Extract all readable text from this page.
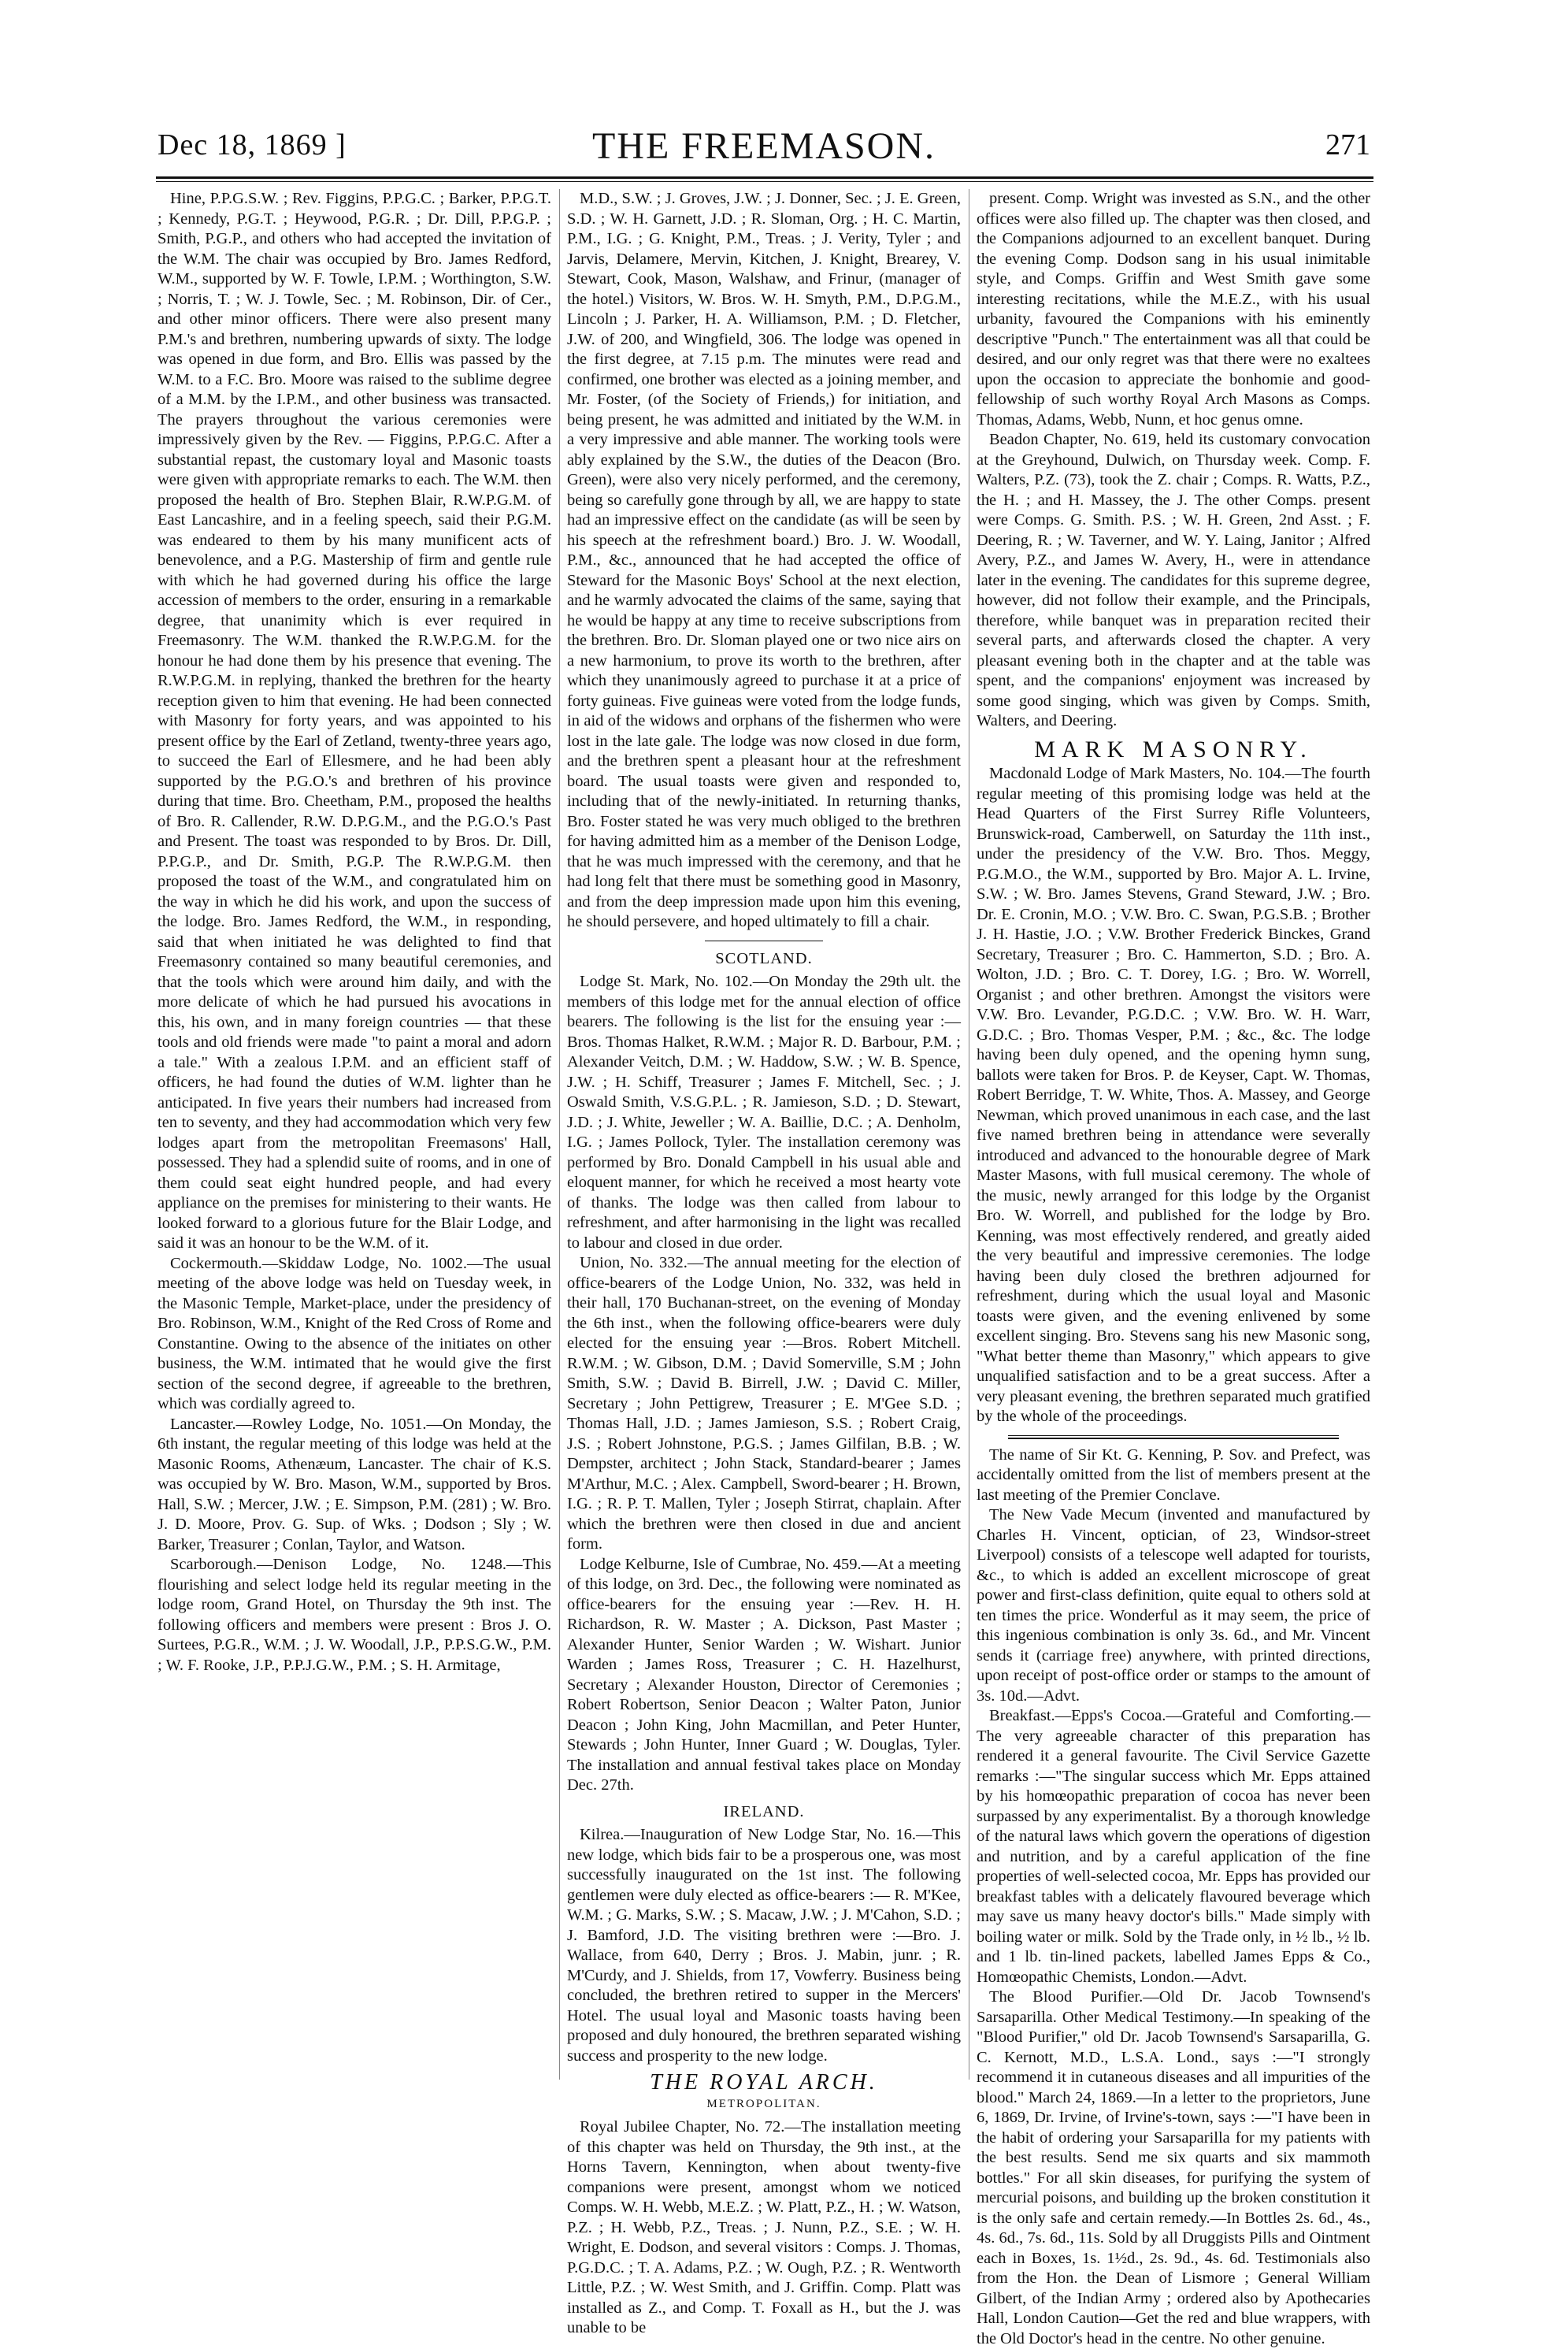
Dec 18, 1869 ]	THE FREEMASON.	271

Hine, P.P.G.S.W. ; Rev. Figgins, P.P.G.C. ; Barker, P.P.G.T. ; Kennedy, P.G.T. ; Heywood, P.G.R. ; Dr. Dill, P.P.G.P. ; Smith, P.G.P., and others who had accepted the invitation of the W.M. The chair was occupied by Bro. James Redford, W.M., supported by W. F. Towle, I.P.M. ; Worthington, S.W. ; Norris, T. ; W. J. Towle, Sec. ; M. Robinson, Dir. of Cer., and other minor officers. There were also present many P.M.'s and brethren, numbering upwards of sixty. The lodge was opened in due form, and Bro. Ellis was passed by the W.M. to a F.C. Bro. Moore was raised to the sublime degree of a M.M. by the I.P.M., and other business was transacted. The prayers throughout the various ceremonies were impressively given by the Rev. — Figgins, P.P.G.C. After a substantial repast, the customary loyal and Masonic toasts were given with appropriate remarks to each. The W.M. then proposed the health of Bro. Stephen Blair, R.W.P.G.M. of East Lancashire, and in a feeling speech, said their P.G.M. was endeared to them by his many munificent acts of benevolence, and a P.G. Mastership of firm and gentle rule with which he had governed during his office the large accession of members to the order, ensuring in a remarkable degree, that unanimity which is ever required in Freemasonry. The W.M. thanked the R.W.P.G.M. for the honour he had done them by his presence that evening. The R.W.P.G.M. in replying, thanked the brethren for the hearty reception given to him that evening. He had been connected with Masonry for forty years, and was appointed to his present office by the Earl of Zetland, twenty-three years ago, to succeed the Earl of Ellesmere, and he had been ably supported by the P.G.O.'s and brethren of his province during that time. Bro. Cheetham, P.M., proposed the healths of Bro. R. Callender, R.W. D.P.G.M., and the P.G.O.'s Past and Present. The toast was responded to by Bros. Dr. Dill, P.P.G.P., and Dr. Smith, P.G.P. The R.W.P.G.M. then proposed the toast of the W.M., and congratulated him on the way in which he did his work, and upon the success of the lodge. Bro. James Redford, the W.M., in responding, said that when initiated he was delighted to find that Freemasonry contained so many beautiful ceremonies, and that the tools which were around him daily, and with the more delicate of which he had pursued his avocations in this, his own, and in many foreign countries — that these tools and old friends were made "to paint a moral and adorn a tale." With a zealous I.P.M. and an efficient staff of officers, he had found the duties of W.M. lighter than he anticipated. In five years their numbers had increased from ten to seventy, and they had accommodation which very few lodges apart from the metropolitan Freemasons' Hall, possessed. They had a splendid suite of rooms, and in one of them could seat eight hundred people, and had every appliance on the premises for ministering to their wants. He looked forward to a glorious future for the Blair Lodge, and said it was an honour to be the W.M. of it.

Cockermouth.—Skiddaw Lodge, No. 1002.—The usual meeting of the above lodge was held on Tuesday week, in the Masonic Temple, Market-place, under the presidency of Bro. Robinson, W.M., Knight of the Red Cross of Rome and Constantine. Owing to the absence of the initiates on other business, the W.M. intimated that he would give the first section of the second degree, if agreeable to the brethren, which was cordially agreed to.

Lancaster.—Rowley Lodge, No. 1051.—On Monday, the 6th instant, the regular meeting of this lodge was held at the Masonic Rooms, Athenæum, Lancaster. The chair of K.S. was occupied by W. Bro. Mason, W.M., supported by Bros. Hall, S.W. ; Mercer, J.W. ; E. Simpson, P.M. (281) ; W. Bro. J. D. Moore, Prov. G. Sup. of Wks. ; Dodson ; Sly ; W. Barker, Treasurer ; Conlan, Taylor, and Watson.

Scarborough.—Denison Lodge, No. 1248.—This flourishing and select lodge held its regular meeting in the lodge room, Grand Hotel, on Thursday the 9th inst. The following officers and members were present : Bros J. O. Surtees, P.G.R., W.M. ; J. W. Woodall, J.P., P.P.S.G.W., P.M. ; W. F. Rooke, J.P., P.P.J.G.W., P.M. ; S. H. Armitage,

M.D., S.W. ; J. Groves, J.W. ; J. Donner, Sec. ; J. E. Green, S.D. ; W. H. Garnett, J.D. ; R. Sloman, Org. ; H. C. Martin, P.M., I.G. ; G. Knight, P.M., Treas. ; J. Verity, Tyler ; and Jarvis, Delamere, Mervin, Kitchen, J. Knight, Brearey, V. Stewart, Cook, Mason, Walshaw, and Frinur, (manager of the hotel.) Visitors, W. Bros. W. H. Smyth, P.M., D.P.G.M., Lincoln ; J. Parker, H. A. Williamson, P.M. ; D. Fletcher, J.W. of 200, and Wingfield, 306. The lodge was opened in the first degree, at 7.15 p.m. The minutes were read and confirmed, one brother was elected as a joining member, and Mr. Foster, (of the Society of Friends,) for initiation, and being present, he was admitted and initiated by the W.M. in a very impressive and able manner. The working tools were ably explained by the S.W., the duties of the Deacon (Bro. Green), were also very nicely performed, and the ceremony, being so carefully gone through by all, we are happy to state had an impressive effect on the candidate (as will be seen by his speech at the refreshment board.) Bro. J. W. Woodall, P.M., &c., announced that he had accepted the office of Steward for the Masonic Boys' School at the next election, and he warmly advocated the claims of the same, saying that he would be happy at any time to receive subscriptions from the brethren. Bro. Dr. Sloman played one or two nice airs on a new harmonium, to prove its worth to the brethren, after which they unanimously agreed to purchase it at a price of forty guineas. Five guineas were voted from the lodge funds, in aid of the widows and orphans of the fishermen who were lost in the late gale. The lodge was now closed in due form, and the brethren spent a pleasant hour at the refreshment board. The usual toasts were given and responded to, including that of the newly-initiated. In returning thanks, Bro. Foster stated he was very much obliged to the brethren for having admitted him as a member of the Denison Lodge, that he was much impressed with the ceremony, and that he had long felt that there must be something good in Masonry, and from the deep impression made upon him this evening, he should persevere, and hoped ultimately to fill a chair.

SCOTLAND.

Lodge St. Mark, No. 102.—On Monday the 29th ult. the members of this lodge met for the annual election of office bearers. The following is the list for the ensuing year :—Bros. Thomas Halket, R.W.M. ; Major R. D. Barbour, P.M. ; Alexander Veitch, D.M. ; W. Haddow, S.W. ; W. B. Spence, J.W. ; H. Schiff, Treasurer ; James F. Mitchell, Sec. ; J. Oswald Smith, V.S.G.P.L. ; R. Jamieson, S.D. ; D. Stewart, J.D. ; J. White, Jeweller ; W. A. Baillie, D.C. ; A. Denholm, I.G. ; James Pollock, Tyler. The installation ceremony was performed by Bro. Donald Campbell in his usual able and eloquent manner, for which he received a most hearty vote of thanks. The lodge was then called from labour to refreshment, and after harmonising in the light was recalled to labour and closed in due order.

Union, No. 332.—The annual meeting for the election of office-bearers of the Lodge Union, No. 332, was held in their hall, 170 Buchanan-street, on the evening of Monday the 6th inst., when the following office-bearers were duly elected for the ensuing year :—Bros. Robert Mitchell. R.W.M. ; W. Gibson, D.M. ; David Somerville, S.M ; John Smith, S.W. ; David B. Birrell, J.W. ; David C. Miller, Secretary ; John Pettigrew, Treasurer ; E. M'Gee S.D. ; Thomas Hall, J.D. ; James Jamieson, S.S. ; Robert Craig, J.S. ; Robert Johnstone, P.G.S. ; James Gilfilan, B.B. ; W. Dempster, architect ; John Stack, Standard-bearer ; James M'Arthur, M.C. ; Alex. Campbell, Sword-bearer ; H. Brown, I.G. ; R. P. T. Mallen, Tyler ; Joseph Stirrat, chaplain. After which the brethren were then closed in due and ancient form.

Lodge Kelburne, Isle of Cumbrae, No. 459.—At a meeting of this lodge, on 3rd. Dec., the following were nominated as office-bearers for the ensuing year :—Rev. H. H. Richardson, R. W. Master ; A. Dickson, Past Master ; Alexander Hunter, Senior Warden ; W. Wishart. Junior Warden ; James Ross, Treasurer ; C. H. Hazelhurst, Secretary ; Alexander Houston, Director of Ceremonies ; Robert Robertson, Senior Deacon ; Walter Paton, Junior Deacon ; John King, John Macmillan, and Peter Hunter, Stewards ; John Hunter, Inner Guard ; W. Douglas, Tyler. The installation and annual festival takes place on Monday Dec. 27th.

IRELAND.

Kilrea.—Inauguration of New Lodge Star, No. 16.—This new lodge, which bids fair to be a prosperous one, was most successfully inaugurated on the 1st inst. The following gentlemen were duly elected as office-bearers :— R. M'Kee, W.M. ; G. Marks, S.W. ; S. Macaw, J.W. ; J. M'Cahon, S.D. ; J. Bamford, J.D. The visiting brethren were :—Bro. J. Wallace, from 640, Derry ; Bros. J. Mabin, junr. ; R. M'Curdy, and J. Shields, from 17, Vowferry. Business being concluded, the brethren retired to supper in the Mercers' Hotel. The usual loyal and Masonic toasts having been proposed and duly honoured, the brethren separated wishing success and prosperity to the new lodge.

THE ROYAL ARCH.
METROPOLITAN.

Royal Jubilee Chapter, No. 72.—The installation meeting of this chapter was held on Thursday, the 9th inst., at the Horns Tavern, Kennington, when about twenty-five companions were present, amongst whom we noticed Comps. W. H. Webb, M.E.Z. ; W. Platt, P.Z., H. ; W. Watson, P.Z. ; H. Webb, P.Z., Treas. ; J. Nunn, P.Z., S.E. ; W. H. Wright, E. Dodson, and several visitors : Comps. J. Thomas, P.G.D.C. ; T. A. Adams, P.Z. ; W. Ough, P.Z. ; R. Wentworth Little, P.Z. ; W. West Smith, and J. Griffin. Comp. Platt was installed as Z., and Comp. T. Foxall as H., but the J. was unable to be

present. Comp. Wright was invested as S.N., and the other offices were also filled up. The chapter was then closed, and the Companions adjourned to an excellent banquet. During the evening Comp. Dodson sang in his usual inimitable style, and Comps. Griffin and West Smith gave some interesting recitations, while the M.E.Z., with his usual urbanity, favoured the Companions with his eminently descriptive "Punch." The entertainment was all that could be desired, and our only regret was that there were no exaltees upon the occasion to appreciate the bonhomie and good-fellowship of such worthy Royal Arch Masons as Comps. Thomas, Adams, Webb, Nunn, et hoc genus omne.

Beadon Chapter, No. 619, held its customary convocation at the Greyhound, Dulwich, on Thursday week. Comp. F. Walters, P.Z. (73), took the Z. chair ; Comps. R. Watts, P.Z., the H. ; and H. Massey, the J. The other Comps. present were Comps. G. Smith. P.S. ; W. H. Green, 2nd Asst. ; F. Deering, R. ; W. Taverner, and W. Y. Laing, Janitor ; Alfred Avery, P.Z., and James W. Avery, H., were in attendance later in the evening. The candidates for this supreme degree, however, did not follow their example, and the Principals, therefore, while banquet was in preparation recited their several parts, and afterwards closed the chapter. A very pleasant evening both in the chapter and at the table was spent, and the companions' enjoyment was increased by some good singing, which was given by Comps. Smith, Walters, and Deering.

MARK MASONRY.

Macdonald Lodge of Mark Masters, No. 104.—The fourth regular meeting of this promising lodge was held at the Head Quarters of the First Surrey Rifle Volunteers, Brunswick-road, Camberwell, on Saturday the 11th inst., under the presidency of the V.W. Bro. Thos. Meggy, P.G.M.O., the W.M., supported by Bro. Major A. L. Irvine, S.W. ; W. Bro. James Stevens, Grand Steward, J.W. ; Bro. Dr. E. Cronin, M.O. ; V.W. Bro. C. Swan, P.G.S.B. ; Brother J. H. Hastie, J.O. ; V.W. Brother Frederick Binckes, Grand Secretary, Treasurer ; Bro. C. Hammerton, S.D. ; Bro. A. Wolton, J.D. ; Bro. C. T. Dorey, I.G. ; Bro. W. Worrell, Organist ; and other brethren. Amongst the visitors were V.W. Bro. Levander, P.G.D.C. ; V.W. Bro. W. H. Warr, G.D.C. ; Bro. Thomas Vesper, P.M. ; &c., &c. The lodge having been duly opened, and the opening hymn sung, ballots were taken for Bros. P. de Keyser, Capt. W. Thomas, Robert Berridge, T. W. White, Thos. A. Massey, and George Newman, which proved unanimous in each case, and the last five named brethren being in attendance were severally introduced and advanced to the honourable degree of Mark Master Masons, with full musical ceremony. The whole of the music, newly arranged for this lodge by the Organist Bro. W. Worrell, and published for the lodge by Bro. Kenning, was most effectively rendered, and greatly aided the very beautiful and impressive ceremonies. The lodge having been duly closed the brethren adjourned for refreshment, during which the usual loyal and Masonic toasts were given, and the evening enlivened by some excellent singing. Bro. Stevens sang his new Masonic song, "What better theme than Masonry," which appears to give unqualified satisfaction and to be a great success. After a very pleasant evening, the brethren separated much gratified by the whole of the proceedings.

The name of Sir Kt. G. Kenning, P. Sov. and Prefect, was accidentally omitted from the list of members present at the last meeting of the Premier Conclave.

The New Vade Mecum (invented and manufactured by Charles H. Vincent, optician, of 23, Windsor-street Liverpool) consists of a telescope well adapted for tourists, &c., to which is added an excellent microscope of great power and first-class definition, quite equal to others sold at ten times the price. Wonderful as it may seem, the price of this ingenious combination is only 3s. 6d., and Mr. Vincent sends it (carriage free) anywhere, with printed directions, upon receipt of post-office order or stamps to the amount of 3s. 10d.—Advt.

Breakfast.—Epps's Cocoa.—Grateful and Comforting.—The very agreeable character of this preparation has rendered it a general favourite. The Civil Service Gazette remarks :—"The singular success which Mr. Epps attained by his homœopathic preparation of cocoa has never been surpassed by any experimentalist. By a thorough knowledge of the natural laws which govern the operations of digestion and nutrition, and by a careful application of the fine properties of well-selected cocoa, Mr. Epps has provided our breakfast tables with a delicately flavoured beverage which may save us many heavy doctor's bills." Made simply with boiling water or milk. Sold by the Trade only, in ½ lb., ½ lb. and 1 lb. tin-lined packets, labelled James Epps & Co., Homœopathic Chemists, London.—Advt.

The Blood Purifier.—Old Dr. Jacob Townsend's Sarsaparilla. Other Medical Testimony.—In speaking of the "Blood Purifier," old Dr. Jacob Townsend's Sarsaparilla, G. C. Kernott, M.D., L.S.A. Lond., says :—"I strongly recommend it in cutaneous diseases and all impurities of the blood." March 24, 1869.—In a letter to the proprietors, June 6, 1869, Dr. Irvine, of Irvine's-town, says :—"I have been in the habit of ordering your Sarsaparilla for my patients with the best results. Send me six quarts and six mammoth bottles." For all skin diseases, for purifying the system of mercurial poisons, and building up the broken constitution it is the only safe and certain remedy.—In Bottles 2s. 6d., 4s., 4s. 6d., 7s. 6d., 11s. Sold by all Druggists Pills and Ointment each in Boxes, 1s. 1½d., 2s. 9d., 4s. 6d. Testimonials also from the Hon. the Dean of Lismore ; General William Gilbert, of the Indian Army ; ordered also by Apothecaries Hall, London Caution—Get the red and blue wrappers, with the Old Doctor's head in the centre. No other genuine.
